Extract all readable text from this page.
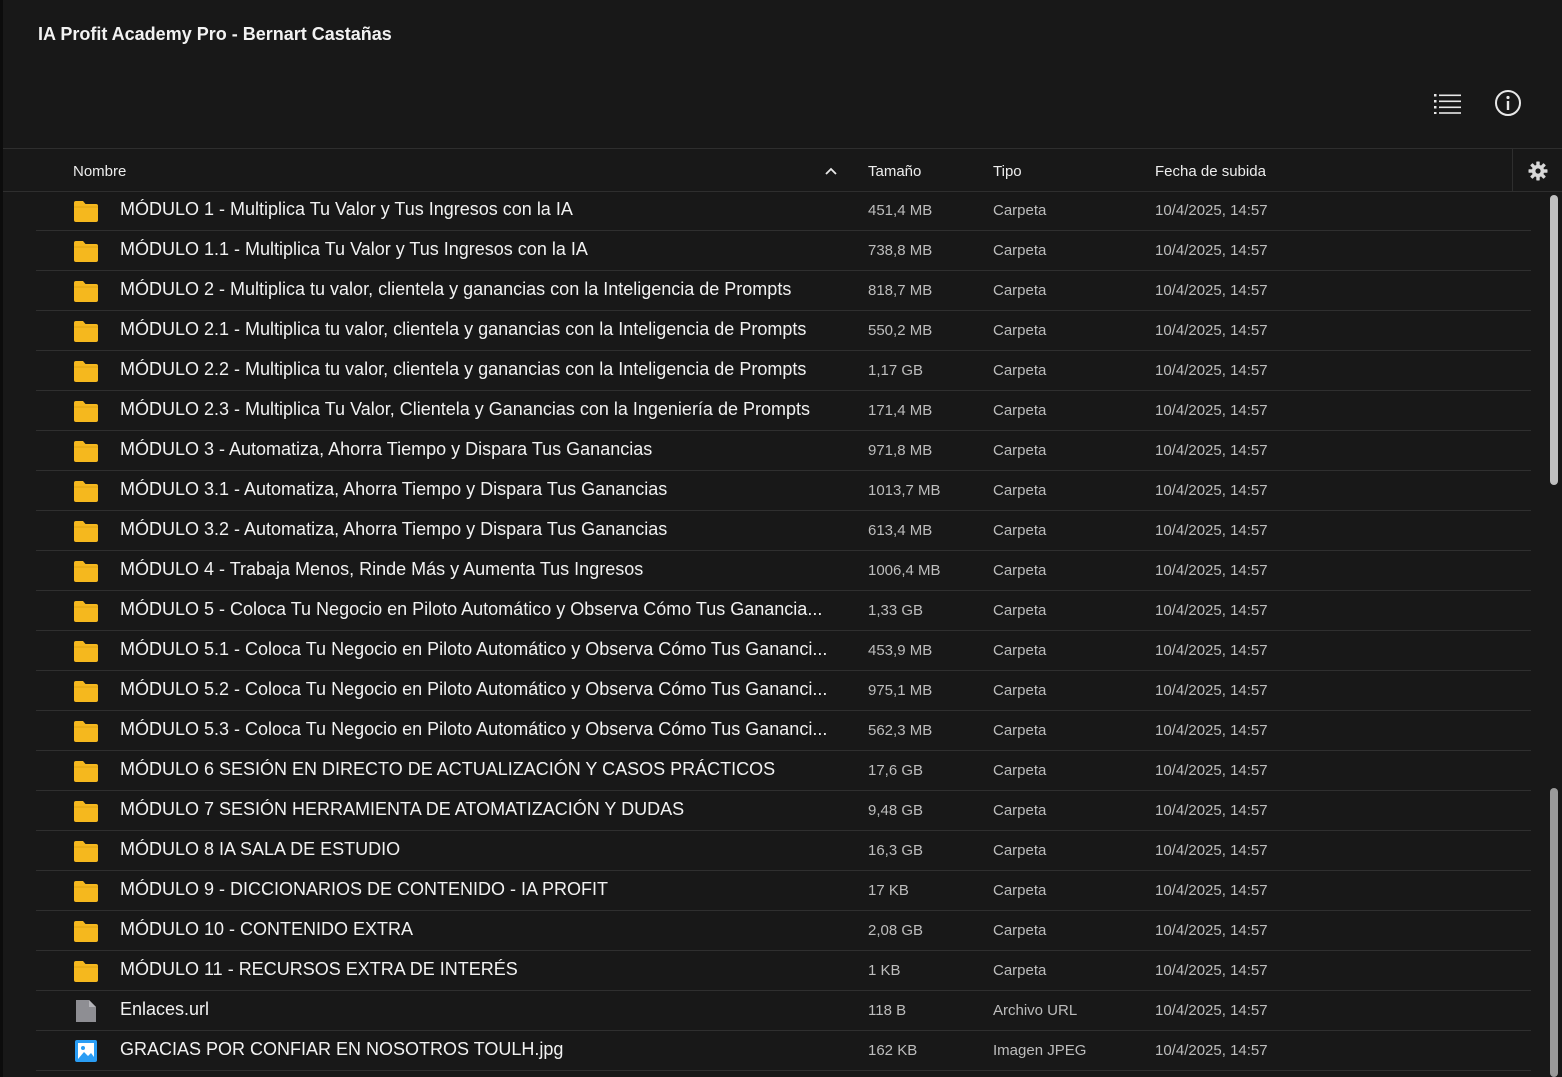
IA Profit Academy Pro - Bernart Castañas
Nombre	Tamaño	Tipo	Fecha de subida
MÓDULO 1 - Multiplica Tu Valor y Tus Ingresos con la IA	451,4 MB	Carpeta	10/4/2025, 14:57
MÓDULO 1.1 - Multiplica Tu Valor y Tus Ingresos con la IA	738,8 MB	Carpeta	10/4/2025, 14:57
MÓDULO 2 - Multiplica tu valor, clientela y ganancias con la Inteligencia de Prompts	818,7 MB	Carpeta	10/4/2025, 14:57
MÓDULO 2.1 - Multiplica tu valor, clientela y ganancias con la Inteligencia de Prompts	550,2 MB	Carpeta	10/4/2025, 14:57
MÓDULO 2.2 - Multiplica tu valor, clientela y ganancias con la Inteligencia de Prompts	1,17 GB	Carpeta	10/4/2025, 14:57
MÓDULO 2.3 - Multiplica Tu Valor, Clientela y Ganancias con la Ingeniería de Prompts	171,4 MB	Carpeta	10/4/2025, 14:57
MÓDULO 3 - Automatiza, Ahorra Tiempo y Dispara Tus Ganancias	971,8 MB	Carpeta	10/4/2025, 14:57
MÓDULO 3.1 - Automatiza, Ahorra Tiempo y Dispara Tus Ganancias	1013,7 MB	Carpeta	10/4/2025, 14:57
MÓDULO 3.2 - Automatiza, Ahorra Tiempo y Dispara Tus Ganancias	613,4 MB	Carpeta	10/4/2025, 14:57
MÓDULO 4 - Trabaja Menos, Rinde Más y Aumenta Tus Ingresos	1006,4 MB	Carpeta	10/4/2025, 14:57
MÓDULO 5 - Coloca Tu Negocio en Piloto Automático y Observa Cómo Tus Ganancia...	1,33 GB	Carpeta	10/4/2025, 14:57
MÓDULO 5.1 - Coloca Tu Negocio en Piloto Automático y Observa Cómo Tus Gananci...	453,9 MB	Carpeta	10/4/2025, 14:57
MÓDULO 5.2 - Coloca Tu Negocio en Piloto Automático y Observa Cómo Tus Gananci...	975,1 MB	Carpeta	10/4/2025, 14:57
MÓDULO 5.3 - Coloca Tu Negocio en Piloto Automático y Observa Cómo Tus Gananci...	562,3 MB	Carpeta	10/4/2025, 14:57
MÓDULO 6 SESIÓN EN DIRECTO DE ACTUALIZACIÓN Y CASOS PRÁCTICOS	17,6 GB	Carpeta	10/4/2025, 14:57
MÓDULO 7 SESIÓN HERRAMIENTA DE ATOMATIZACIÓN Y DUDAS	9,48 GB	Carpeta	10/4/2025, 14:57
MÓDULO 8 IA SALA DE ESTUDIO	16,3 GB	Carpeta	10/4/2025, 14:57
MÓDULO 9 - DICCIONARIOS DE CONTENIDO - IA PROFIT	17 KB	Carpeta	10/4/2025, 14:57
MÓDULO 10 - CONTENIDO EXTRA	2,08 GB	Carpeta	10/4/2025, 14:57
MÓDULO 11 - RECURSOS EXTRA DE INTERÉS	1 KB	Carpeta	10/4/2025, 14:57
Enlaces.url	118 B	Archivo URL	10/4/2025, 14:57
GRACIAS POR CONFIAR EN NOSOTROS TOULH.jpg	162 KB	Imagen JPEG	10/4/2025, 14:57
